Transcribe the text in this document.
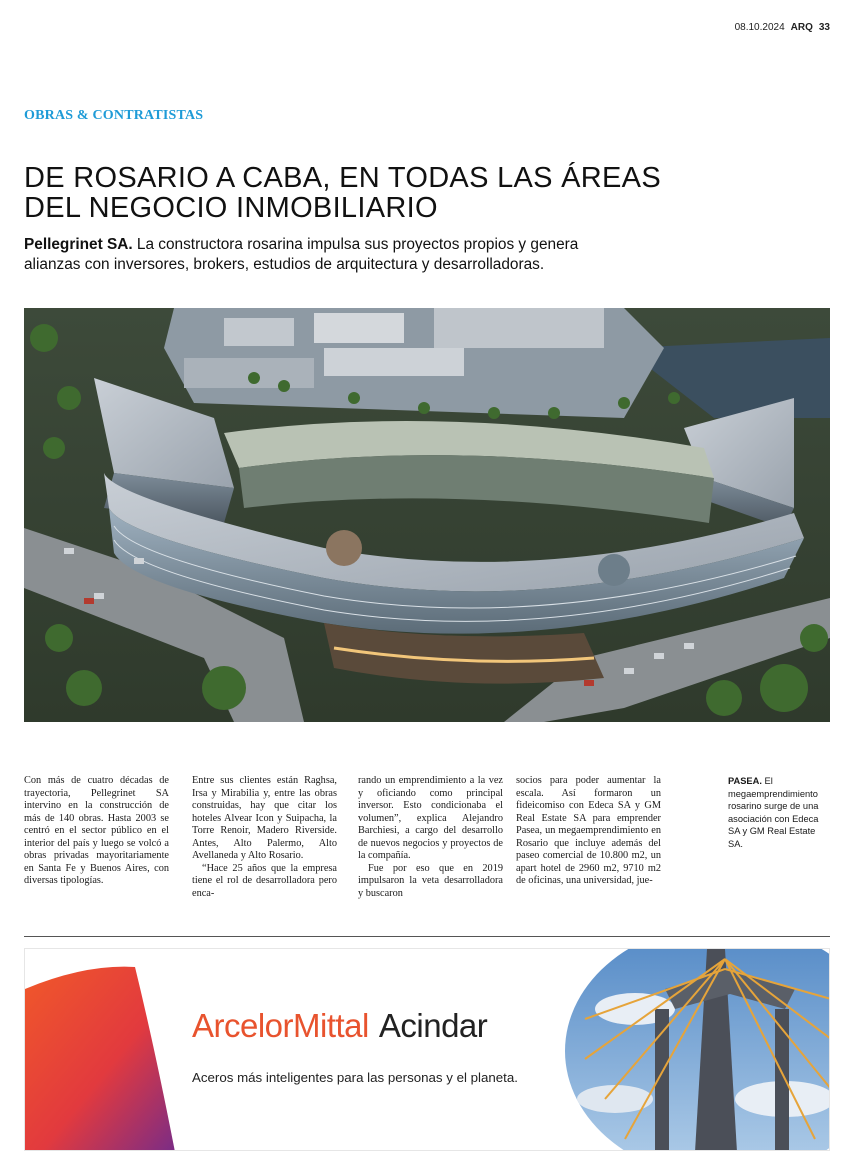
08.10.2024 ARQ 33
OBRAS & CONTRATISTAS
DE ROSARIO A CABA, EN TODAS LAS ÁREAS
DEL NEGOCIO INMOBILIARIO

Pellegrinet SA. La constructora rosarina impulsa sus proyectos propios y genera alianzas con inversores, brokers, estudios de arquitectura y desarrolladoras.

Con más de cuatro décadas de trayectoria, Pellegrinet SA intervino en la construcción de más de 140 obras. Hasta 2003 se centró en el sector público en el interior del país y luego se volcó a obras privadas mayoritariamente en Santa Fe y Buenos Aires, con diversas tipologías.

Entre sus clientes están Raghsa, Irsa y Mirabilia y, entre las obras construidas, hay que citar los hoteles Alvear Icon y Suipacha, la Torre Renoir, Madero Riverside. Antes, Alto Palermo, Alto Avellaneda y Alto Rosario.

“Hace 25 años que la empresa tiene el rol de desarrolladora pero enca-

rando un emprendimiento a la vez y oficiando como principal inversor. Esto condicionaba el volumen”, explica Alejandro Barchiesi, a cargo del desarrollo de nuevos negocios y proyectos de la compañía.

Fue por eso que en 2019 impulsaron la veta desarrolladora y buscaron

socios para poder aumentar la escala. Así formaron un fideicomiso con Edeca SA y GM Real Estate SA para emprender Pasea, un megaemprendimiento en Rosario que incluye además del paseo comercial de 10.800 m2, un apart hotel de 2960 m2, 9710 m2 de oficinas, una universidad, jue-

PASEA. El megaemprendimiento rosarino surge de una asociación con Edeca SA y GM Real Estate SA.
ArcelorMittal Acindar
Aceros más inteligentes para las personas y el planeta.
